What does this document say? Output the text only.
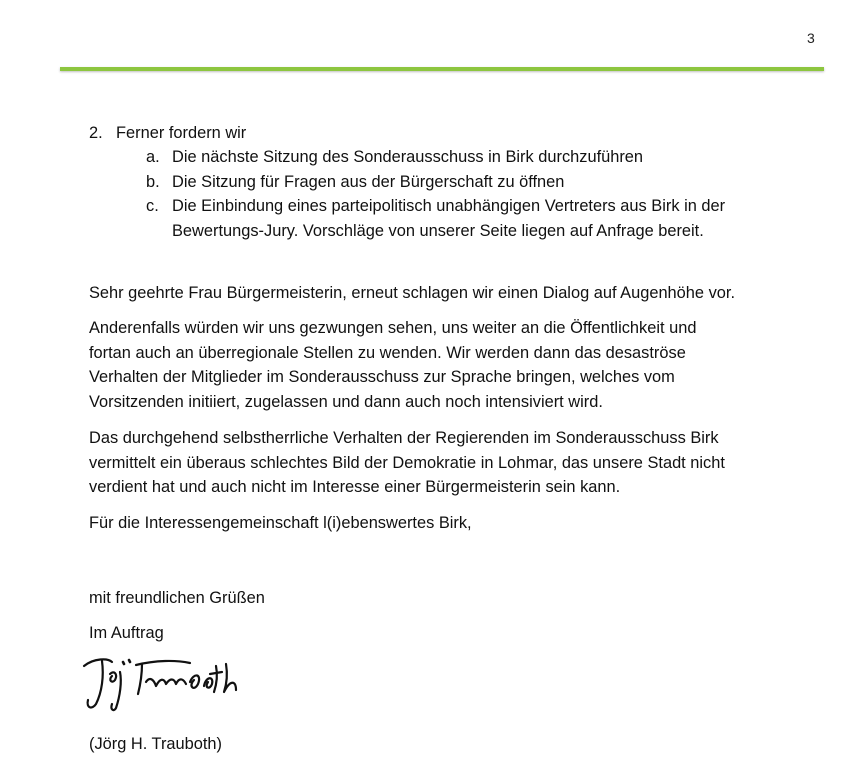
3
2. Ferner fordern wir
a. Die nächste Sitzung des Sonderausschuss in Birk durchzuführen
b. Die Sitzung für Fragen aus der Bürgerschaft zu öffnen
c. Die Einbindung eines parteipolitisch unabhängigen Vertreters aus Birk in der
Bewertungs-Jury. Vorschläge von unserer Seite liegen auf Anfrage bereit.
Sehr geehrte Frau Bürgermeisterin, erneut schlagen wir einen Dialog auf Augenhöhe vor.
Anderenfalls würden wir uns gezwungen sehen, uns weiter an die Öffentlichkeit und
fortan auch an überregionale Stellen zu wenden. Wir werden dann das desaströse
Verhalten der Mitglieder im Sonderausschuss zur Sprache bringen, welches vom
Vorsitzenden initiiert, zugelassen und dann auch noch intensiviert wird.
Das durchgehend selbstherrliche Verhalten der Regierenden im Sonderausschuss Birk
vermittelt ein überaus schlechtes Bild der Demokratie in Lohmar, das unsere Stadt nicht
verdient hat und auch nicht im Interesse einer Bürgermeisterin sein kann.
Für die Interessengemeinschaft l(i)ebenswertes Birk,
mit freundlichen Grüßen
Im Auftrag
(Jörg H. Trauboth)
